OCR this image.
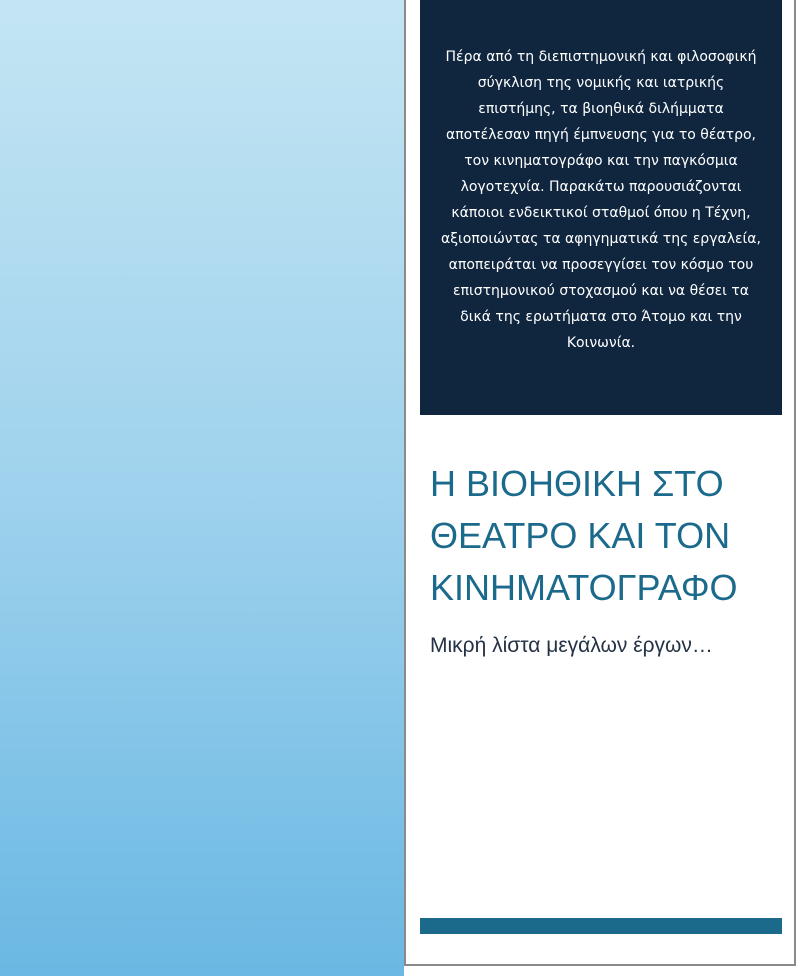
Πέρα από τη διεπιστημονική και φιλοσοφική σύγκλιση της νομικής και ιατρικής επιστήμης, τα βιοηθικά διλήμματα αποτέλεσαν πηγή έμπνευσης για το θέατρο, τον κινηματογράφο και την παγκόσμια λογοτεχνία. Παρακάτω παρουσιάζονται κάποιοι ενδεικτικοί σταθμοί όπου η Τέχνη, αξιοποιώντας τα αφηγηματικά της εργαλεία, αποπειράται να προσεγγίσει τον κόσμο του επιστημονικού στοχασμού και να θέσει τα δικά της ερωτήματα στο Άτομο και την Κοινωνία.

Η ΒΙΟΗΘΙΚΗ ΣΤΟ ΘΕΑΤΡΟ ΚΑΙ ΤΟΝ ΚΙΝΗΜΑΤΟΓΡΑΦΟ

Μικρή λίστα μεγάλων έργων…
